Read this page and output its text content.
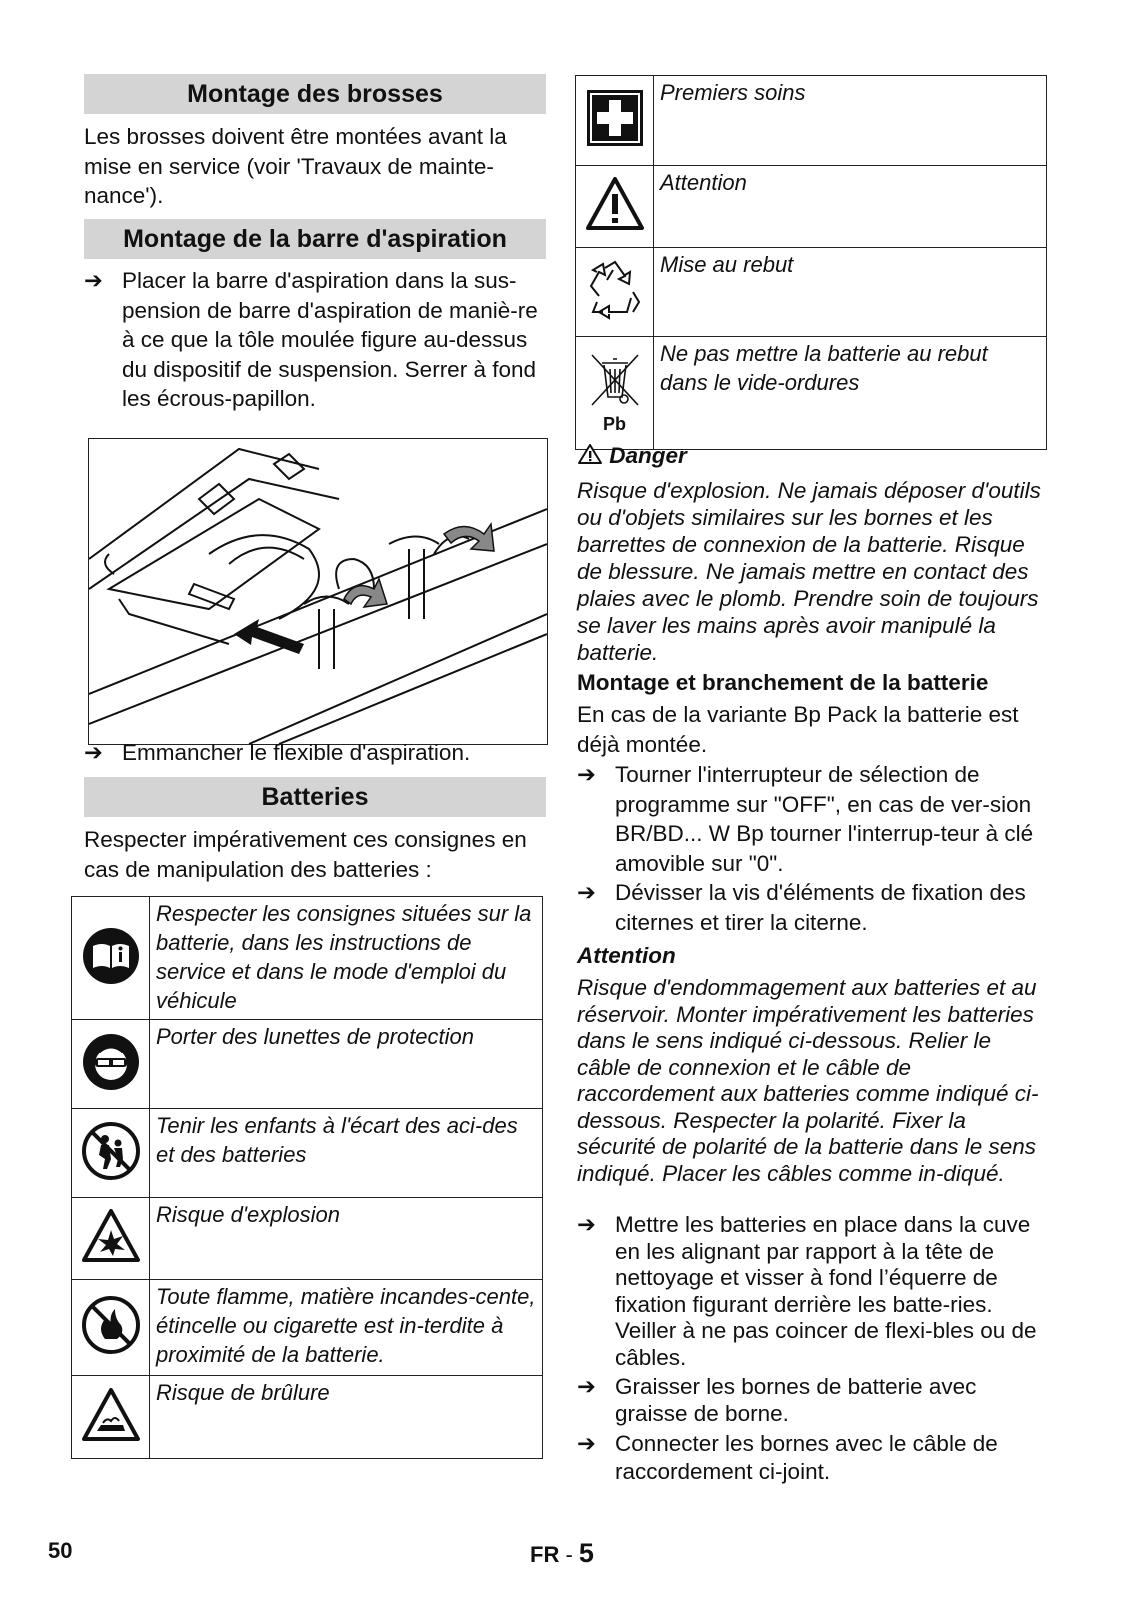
Montage des brosses

Les brosses doivent être montées avant la mise en service (voir 'Travaux de mainte-nance').

Montage de la barre d'aspiration
➔ Placer la barre d'aspiration dans la sus-pension de barre d'aspiration de maniè-re à ce que la tôle moulée figure au-dessus du dispositif de suspension. Serrer à fond les écrous-papillon.
➔ Emmancher le flexible d'aspiration.
Batteries

Respecter impérativement ces consignes en cas de manipulation des batteries :

	Respecter les consignes situées sur la batterie, dans les instructions de service et dans le mode d'emploi du véhicule
	Porter des lunettes de protection
	Tenir les enfants à l'écart des aci-des et des batteries
	Risque d'explosion
	Toute flamme, matière incandes-cente, étincelle ou cigarette est in-terdite à proximité de la batterie.
	Risque de brûlure
	Premiers soins
	Attention
	Mise au rebut

Pb	Ne pas mettre la batterie au rebut dans le vide-ordures
Danger

Risque d'explosion. Ne jamais déposer d'outils ou d'objets similaires sur les bornes et les barrettes de connexion de la batterie. Risque de blessure. Ne jamais mettre en contact des plaies avec le plomb. Prendre soin de toujours se laver les mains après avoir manipulé la batterie.

Montage et branchement de la batterie

En cas de la variante Bp Pack la batterie est déjà montée.

➔ Tourner l'interrupteur de sélection de programme sur "OFF", en cas de ver-sion BR/BD... W Bp tourner l'interrup-teur à clé amovible sur "0".
➔ Dévisser la vis d'éléments de fixation des citernes et tirer la citerne.
Attention

Risque d'endommagement aux batteries et au réservoir. Monter impérativement les batteries dans le sens indiqué ci-dessous. Relier le câble de connexion et le câble de raccordement aux batteries comme indiqué ci-dessous. Respecter la polarité. Fixer la sécurité de polarité de la batterie dans le sens indiqué. Placer les câbles comme in-diqué.

➔ Mettre les batteries en place dans la cuve en les alignant par rapport à la tête de nettoyage et visser à fond l’équerre de fixation figurant derrière les batte-ries. Veiller à ne pas coincer de flexi-bles ou de câbles.
➔ Graisser les bornes de batterie avec graisse de borne.
➔ Connecter les bornes avec le câble de raccordement ci-joint.
50	FR - 5
